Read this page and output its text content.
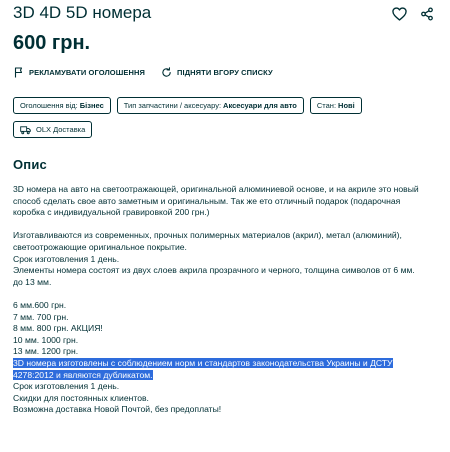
3D 4D 5D номера
600 грн.
РЕКЛАМУВАТИ ОГОЛОШЕННЯ	ПІДНЯТИ ВГОРУ СПИСКУ
Оголошення від: Бізнес	Тип запчастини / аксесуару: Аксесуари для авто	Стан: Нові
OLX Доставка
Опис
3D номера на авто на светоотражающей, оригинальной алюминиевой основе, и на акриле это новый
способ сделать свое авто заметным и оригинальным. Так же ето отличный подарок (подарочная
коробка с индивидуальной гравировкой 200 грн.)
Изготавливаются из современных, прочных полимерных материалов (акрил), метал (алюминий),
светоотрожающие оригинальное покрытие.
Срок изготовления 1 день.
Элементы номера состоят из двух слоев акрила прозрачного и черного, толщина символов от 6 мм.
до 13 мм.
6 мм.600 грн.
7 мм. 700 грн.
8 мм. 800 грн. АКЦИЯ!
10 мм. 1000 грн.
13 мм. 1200 грн.
3D номера изготовлены с соблюдением норм и стандартов законодательства Украины и ДСТУ
4278:2012 и являются дубликатом.
Срок изготовления 1 день.
Скидки для постоянных клиентов.
Возможна доставка Новой Почтой, без предоплаты!
